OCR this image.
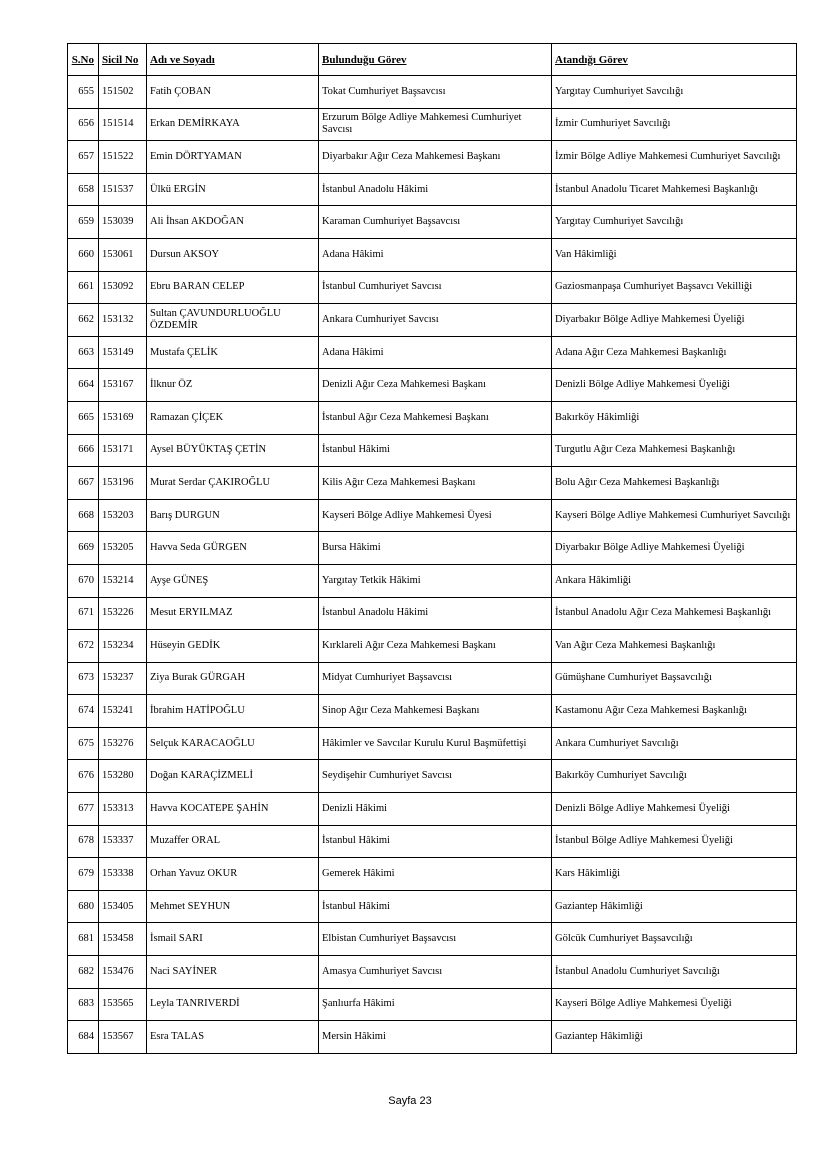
S.No	Sicil No	Adı ve Soyadı	Bulunduğu Görev	Atandığı Görev
655	151502	Fatih ÇOBAN	Tokat Cumhuriyet Başsavcısı	Yargıtay Cumhuriyet Savcılığı
656	151514	Erkan DEMİRKAYA	Erzurum Bölge Adliye Mahkemesi Cumhuriyet Savcısı	İzmir Cumhuriyet Savcılığı
657	151522	Emin DÖRTYAMAN	Diyarbakır Ağır Ceza Mahkemesi Başkanı	İzmir Bölge Adliye Mahkemesi Cumhuriyet Savcılığı
658	151537	Ülkü ERGİN	İstanbul Anadolu Hâkimi	İstanbul Anadolu Ticaret Mahkemesi Başkanlığı
659	153039	Ali İhsan AKDOĞAN	Karaman Cumhuriyet Başsavcısı	Yargıtay Cumhuriyet Savcılığı
660	153061	Dursun AKSOY	Adana Hâkimi	Van Hâkimliği
661	153092	Ebru BARAN CELEP	İstanbul Cumhuriyet Savcısı	Gaziosmanpaşa Cumhuriyet Başsavcı Vekilliği
662	153132	Sultan ÇAVUNDURLUOĞLU ÖZDEMİR	Ankara Cumhuriyet Savcısı	Diyarbakır Bölge Adliye Mahkemesi Üyeliği
663	153149	Mustafa ÇELİK	Adana Hâkimi	Adana Ağır Ceza Mahkemesi Başkanlığı
664	153167	İlknur ÖZ	Denizli Ağır Ceza Mahkemesi Başkanı	Denizli Bölge Adliye Mahkemesi Üyeliği
665	153169	Ramazan ÇİÇEK	İstanbul Ağır Ceza Mahkemesi Başkanı	Bakırköy Hâkimliği
666	153171	Aysel BÜYÜKTAŞ ÇETİN	İstanbul Hâkimi	Turgutlu Ağır Ceza Mahkemesi Başkanlığı
667	153196	Murat Serdar ÇAKIROĞLU	Kilis Ağır Ceza Mahkemesi Başkanı	Bolu Ağır Ceza Mahkemesi Başkanlığı
668	153203	Barış DURGUN	Kayseri Bölge Adliye Mahkemesi Üyesi	Kayseri Bölge Adliye Mahkemesi Cumhuriyet Savcılığı
669	153205	Havva Seda GÜRGEN	Bursa Hâkimi	Diyarbakır Bölge Adliye Mahkemesi Üyeliği
670	153214	Ayşe GÜNEŞ	Yargıtay Tetkik Hâkimi	Ankara Hâkimliği
671	153226	Mesut ERYILMAZ	İstanbul Anadolu Hâkimi	İstanbul Anadolu Ağır Ceza Mahkemesi Başkanlığı
672	153234	Hüseyin GEDİK	Kırklareli Ağır Ceza Mahkemesi Başkanı	Van Ağır Ceza Mahkemesi Başkanlığı
673	153237	Ziya Burak GÜRGAH	Midyat Cumhuriyet Başsavcısı	Gümüşhane Cumhuriyet Başsavcılığı
674	153241	İbrahim HATİPOĞLU	Sinop Ağır Ceza Mahkemesi Başkanı	Kastamonu Ağır Ceza Mahkemesi Başkanlığı
675	153276	Selçuk KARACAOĞLU	Hâkimler ve Savcılar Kurulu Kurul Başmüfettişi	Ankara Cumhuriyet Savcılığı
676	153280	Doğan KARAÇİZMELİ	Seydişehir Cumhuriyet Savcısı	Bakırköy Cumhuriyet Savcılığı
677	153313	Havva KOCATEPE ŞAHİN	Denizli Hâkimi	Denizli Bölge Adliye Mahkemesi Üyeliği
678	153337	Muzaffer ORAL	İstanbul Hâkimi	İstanbul Bölge Adliye Mahkemesi Üyeliği
679	153338	Orhan Yavuz OKUR	Gemerek Hâkimi	Kars Hâkimliği
680	153405	Mehmet SEYHUN	İstanbul Hâkimi	Gaziantep Hâkimliği
681	153458	İsmail SARI	Elbistan Cumhuriyet Başsavcısı	Gölcük Cumhuriyet Başsavcılığı
682	153476	Naci SAYİNER	Amasya Cumhuriyet Savcısı	İstanbul Anadolu Cumhuriyet Savcılığı
683	153565	Leyla TANRIVERDİ	Şanlıurfa Hâkimi	Kayseri Bölge Adliye Mahkemesi Üyeliği
684	153567	Esra TALAS	Mersin Hâkimi	Gaziantep Hâkimliği
Sayfa 23
